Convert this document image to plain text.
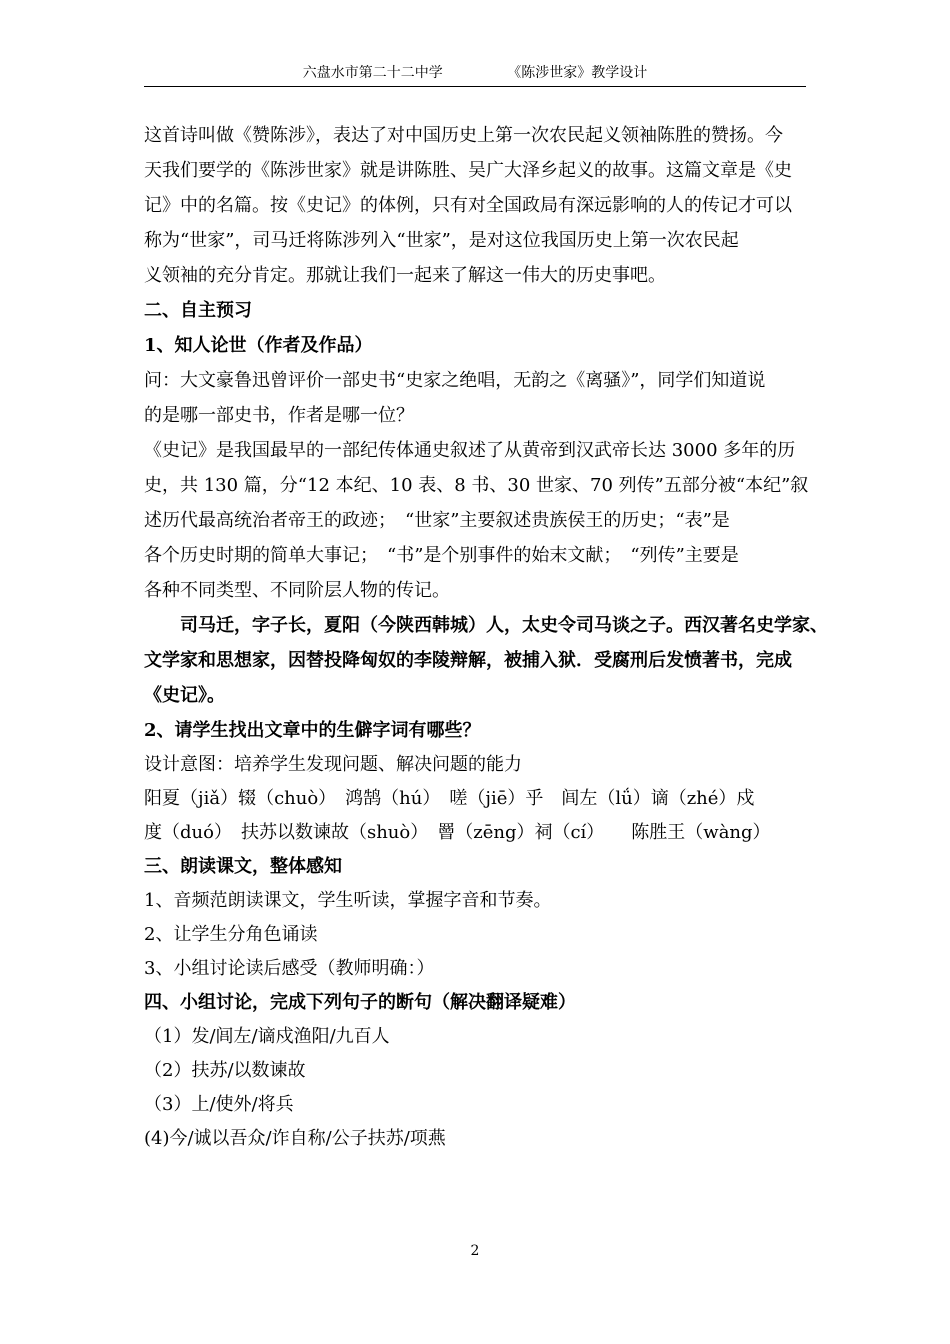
六盘水市第二十二中学	《陈涉世家》教学设计
这首诗叫做《赞陈涉》，表达了对中国历史上第一次农民起义领袖陈胜的赞扬。今
天我们要学的《陈涉世家》就是讲陈胜、吴广大泽乡起义的故事。这篇文章是《史
记》中的名篇。按《史记》的体例，只有对全国政局有深远影响的人的传记才可以
称为“世家”，司马迁将陈涉列入“世家”，是对这位我国历史上第一次农民起
义领袖的充分肯定。那就让我们一起来了解这一伟大的历史事吧。
二、自主预习
1、知人论世（作者及作品）
问：大文豪鲁迅曾评价一部史书“史家之绝唱，无韵之《离骚》”，同学们知道说
的是哪一部史书，作者是哪一位？
《史记》是我国最早的一部纪传体通史叙述了从黄帝到汉武帝长达 3000 多年的历
史，共 130 篇，分“12 本纪、10 表、8 书、30 世家、70 列传”五部分被“本纪”叙
述历代最高统治者帝王的政迹；　“世家”主要叙述贵族侯王的历史；“表”是
各个历史时期的简单大事记；　“书”是个别事件的始末文献；　“列传”主要是
各种不同类型、不同阶层人物的传记。
司马迁，字子长，夏阳（今陕西韩城）人，太史令司马谈之子。西汉著名史学家、
文学家和思想家，因替投降匈奴的李陵辩解，被捕入狱．受腐刑后发愤著书，完成
《史记》。
2、请学生找出文章中的生僻字词有哪些？
设计意图：培养学生发现问题、解决问题的能力
阳夏（jiǎ）辍（chuò）　鸿鹄（hú）　嗟（jiē）乎　闾左（lǘ）谪（zhé）戍
度（duó）　扶苏以数谏故（shuò）　罾（zēng）祠（cí）　　陈胜王（wàng）
三、朗读课文，整体感知
1、音频范朗读课文，学生听读，掌握字音和节奏。
2、让学生分角色诵读
3、小组讨论读后感受（教师明确：）
四、小组讨论，完成下列句子的断句（解决翻译疑难）
（1）发/闾左/谪戍渔阳/九百人
（2）扶苏/以数谏故
（3）上/使外/将兵
(4)今/诚以吾众/诈自称/公子扶苏/项燕
2
